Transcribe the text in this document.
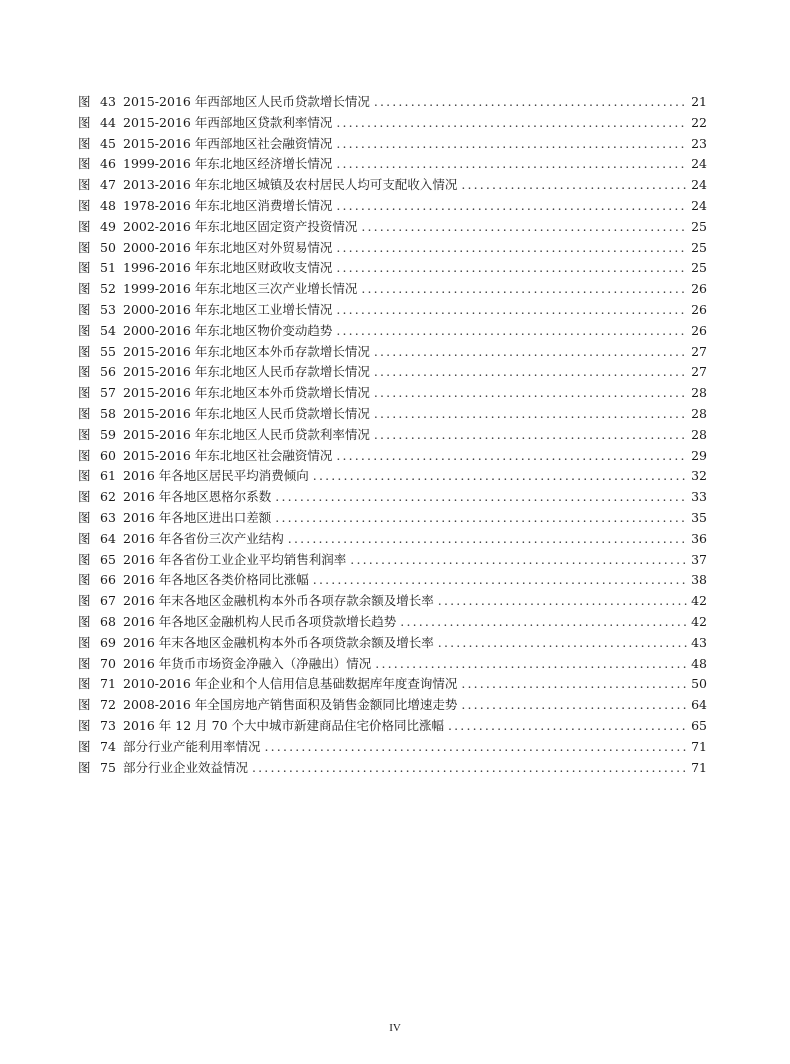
图 43 2015-2016 年西部地区人民币贷款增长情况 . . .	21
图 44 2015-2016 年西部地区贷款利率情况 . . .	22
图 45 2015-2016 年西部地区社会融资情况 . . .	23
图 46 1999-2016 年东北地区经济增长情况 . . .	24
图 47 2013-2016 年东北地区城镇及农村居民人均可支配收入情况 . . .	24
图 48 1978-2016 年东北地区消费增长情况 . . .	24
图 49 2002-2016 年东北地区固定资产投资情况 . . .	25
图 50 2000-2016 年东北地区对外贸易情况 . . .	25
图 51 1996-2016 年东北地区财政收支情况 . . .	25
图 52 1999-2016 年东北地区三次产业增长情况 . . .	26
图 53 2000-2016 年东北地区工业增长情况 . . .	26
图 54 2000-2016 年东北地区物价变动趋势 . . .	26
图 55 2015-2016 年东北地区本外币存款增长情况 . . .	27
图 56 2015-2016 年东北地区人民币存款增长情况 . . .	27
图 57 2015-2016 年东北地区本外币贷款增长情况 . . .	28
图 58 2015-2016 年东北地区人民币贷款增长情况 . . .	28
图 59 2015-2016 年东北地区人民币贷款利率情况 . . .	28
图 60 2015-2016 年东北地区社会融资情况 . . .	29
图 61 2016 年各地区居民平均消费倾向 . . .	32
图 62 2016 年各地区恩格尔系数 . . .	33
图 63 2016 年各地区进出口差额 . . .	35
图 64 2016 年各省份三次产业结构 . . .	36
图 65 2016 年各省份工业企业平均销售利润率 . . .	37
图 66 2016 年各地区各类价格同比涨幅 . . .	38
图 67 2016 年末各地区金融机构本外币各项存款余额及增长率 . . .	42
图 68 2016 年各地区金融机构人民币各项贷款增长趋势 . . .	42
图 69 2016 年末各地区金融机构本外币各项贷款余额及增长率 . . .	43
图 70 2016 年货币市场资金净融入（净融出）情况 . . .	48
图 71 2010-2016 年企业和个人信用信息基础数据库年度查询情况 . . .	50
图 72 2008-2016 年全国房地产销售面积及销售金额同比增速走势 . . .	64
图 73 2016 年 12 月 70 个大中城市新建商品住宅价格同比涨幅 . . .	65
图 74 部分行业产能利用率情况 . . .	71
图 75 部分行业企业效益情况 . . .	71
IV
